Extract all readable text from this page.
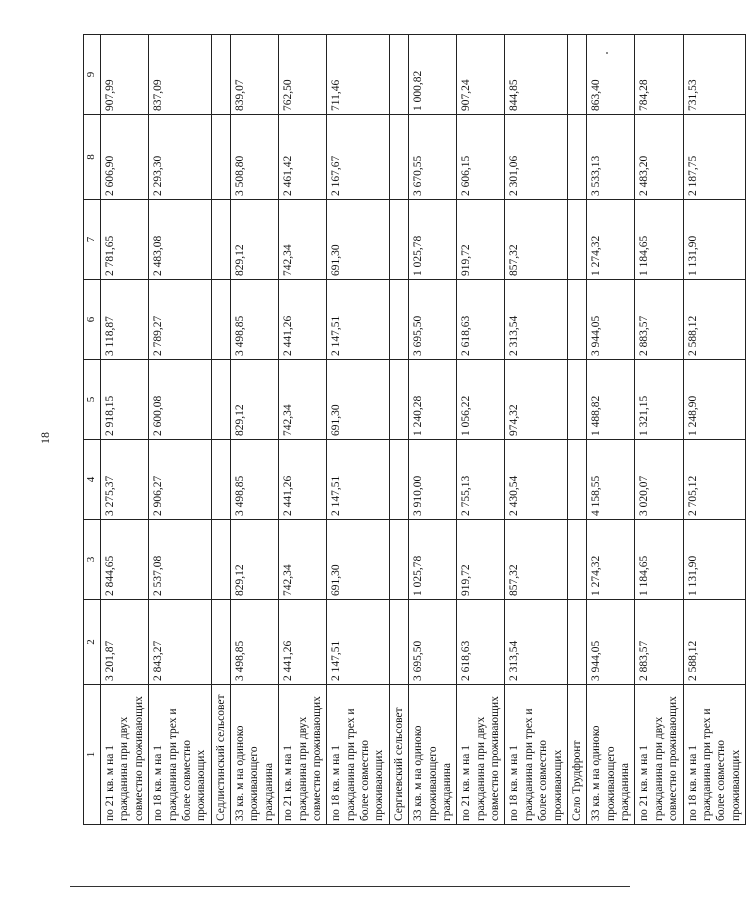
18
1	2	3	4	5	6	7	8	9
по 21 кв. м на 1 гражданина при двух совместно проживающих	3 201,87	2 844,65	3 275,37	2 918,15	3 118,87	2 781,65	2 606,90	907,99
по 18 кв. м на 1 гражданина при трех и более совместно проживающих	2 843,27	2 537,08	2 906,27	2 600,08	2 789,27	2 483,08	2 293,30	837,09
Седлистинский сельсовет								
33 кв. м на одиноко проживающего гражданина	3 498,85	829,12	3 498,85	829,12	3 498,85	829,12	3 508,80	839,07
по 21 кв. м на 1 гражданина при двух совместно проживающих	2 441,26	742,34	2 441,26	742,34	2 441,26	742,34	2 461,42	762,50
по 18 кв. м на 1 гражданина при трех и более совместно проживающих	2 147,51	691,30	2 147,51	691,30	2 147,51	691,30	2 167,67	711,46
Сергиевский сельсовет								
33 кв. м на одиноко проживающего гражданина	3 695,50	1 025,78	3 910,00	1 240,28	3 695,50	1 025,78	3 670,55	1 000,82
по 21 кв. м на 1 гражданина при двух совместно проживающих	2 618,63	919,72	2 755,13	1 056,22	2 618,63	919,72	2 606,15	907,24
по 18 кв. м на 1 гражданина при трех и более совместно проживающих	2 313,54	857,32	2 430,54	974,32	2 313,54	857,32	2 301,06	844,85
Село Трудфронт								
33 кв. м на одиноко проживающего гражданина	3 944,05	1 274,32	4 158,55	1 488,82	3 944,05	1 274,32	3 533,13	863,40
по 21 кв. м на 1 гражданина при двух совместно проживающих	2 883,57	1 184,65	3 020,07	1 321,15	2 883,57	1 184,65	2 483,20	784,28
по 18 кв. м на 1 гражданина при трех и более совместно проживающих	2 588,12	1 131,90	2 705,12	1 248,90	2 588,12	1 131,90	2 187,75	731,53
